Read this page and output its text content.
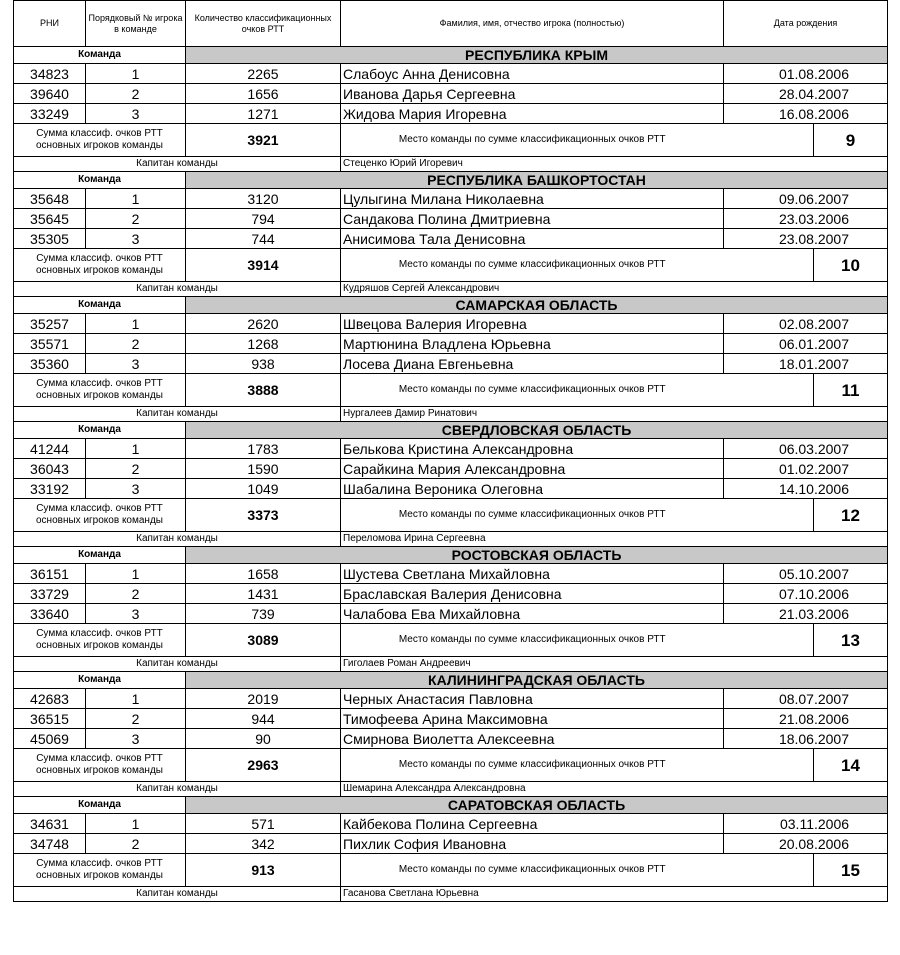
РНИ	Порядковый № игрока в команде	Количество классификационных очков РТТ	Фамилия, имя, отчество игрока (полностью)	Дата рождения	
Команда		РЕСПУБЛИКА КРЫМ			
34823	1	2265	Слабоус Анна Денисовна	01.08.2006	
39640	2	1656	Иванова Дарья Сергеевна	28.04.2007	
33249	3	1271	Жидова Мария Игоревна	16.08.2006	
Сумма классиф. очков РТТ основных игроков команды		3921	Место команды по сумме классификационных очков РТТ		9
Капитан команды			Стеценко Юрий Игоревич		
Команда		РЕСПУБЛИКА БАШКОРТОСТАН			
35648	1	3120	Цулыгина Милана Николаевна	09.06.2007	
35645	2	794	Сандакова Полина Дмитриевна	23.03.2006	
35305	3	744	Анисимова Тала Денисовна	23.08.2007	
Сумма классиф. очков РТТ основных игроков команды		3914	Место команды по сумме классификационных очков РТТ		10
Капитан команды			Кудряшов Сергей Александрович		
Команда		САМАРСКАЯ ОБЛАСТЬ			
35257	1	2620	Швецова Валерия Игоревна	02.08.2007	
35571	2	1268	Мартюнина Владлена Юрьевна	06.01.2007	
35360	3	938	Лосева Диана Евгеньевна	18.01.2007	
Сумма классиф. очков РТТ основных игроков команды		3888	Место команды по сумме классификационных очков РТТ		11
Капитан команды			Нургалеев Дамир Ринатович		
Команда		СВЕРДЛОВСКАЯ ОБЛАСТЬ			
41244	1	1783	Белькова Кристина Александровна	06.03.2007	
36043	2	1590	Сарайкина Мария Александровна	01.02.2007	
33192	3	1049	Шабалина Вероника Олеговна	14.10.2006	
Сумма классиф. очков РТТ основных игроков команды		3373	Место команды по сумме классификационных очков РТТ		12
Капитан команды			Переломова Ирина Сергеевна		
Команда		РОСТОВСКАЯ ОБЛАСТЬ			
36151	1	1658	Шустева Светлана Михайловна	05.10.2007	
33729	2	1431	Браславская Валерия Денисовна	07.10.2006	
33640	3	739	Чалабова Ева Михайловна	21.03.2006	
Сумма классиф. очков РТТ основных игроков команды		3089	Место команды по сумме классификационных очков РТТ		13
Капитан команды			Гиголаев Роман Андреевич		
Команда		КАЛИНИНГРАДСКАЯ ОБЛАСТЬ			
42683	1	2019	Черных Анастасия Павловна	08.07.2007	
36515	2	944	Тимофеева Арина Максимовна	21.08.2006	
45069	3	90	Смирнова Виолетта Алексеевна	18.06.2007	
Сумма классиф. очков РТТ основных игроков команды		2963	Место команды по сумме классификационных очков РТТ		14
Капитан команды			Шемарина Александра Александровна		
Команда		САРАТОВСКАЯ ОБЛАСТЬ			
34631	1	571	Кайбекова Полина Сергеевна	03.11.2006	
34748	2	342	Пихлик София Ивановна	20.08.2006	
Сумма классиф. очков РТТ основных игроков команды		913	Место команды по сумме классификационных очков РТТ		15
Капитан команды			Гасанова Светлана Юрьевна		
